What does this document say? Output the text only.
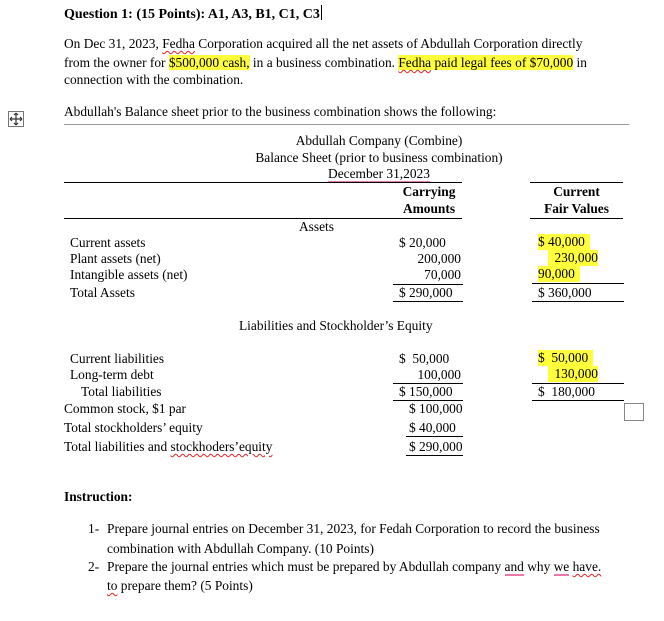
Question 1: (15 Points): A1, A3, B1, C1, C3
On Dec 31, 2023, Fedha Corporation acquired all the net assets of Abdullah Corporation directly
from the owner for $500,000 cash, in a business combination. Fedha paid legal fees of $70,000 in
connection with the combination.
Abdullah's Balance sheet prior to the business combination shows the following:
Abdullah Company (Combine)
Balance Sheet (prior to business combination)
December 31,2023
Carrying
Amounts
Current
Fair Values
Assets
Current assets
Plant assets (net)
Intangible assets (net)
Total Assets
$ 20,000
200,000
70,000
$ 290,000
$ 40,000
230,000
90,000
$ 360,000
Liabilities and Stockholder’s Equity
Current liabilities
Long-term debt
Total liabilities
Common stock, $1 par
Total stockholders’ equity
Total liabilities and stockhoders’equity
$  50,000
100,000
$ 150,000
$ 100,000
$ 40,000
$ 290,000
$  50,000
130,000
$  180,000
Instruction:
1- Prepare journal entries on December 31, 2023, for Fedah Corporation to record the business
combination with Abdullah Company. (10 Points)
2- Prepare the journal entries which must be prepared by Abdullah company and why we have.
to prepare them? (5 Points)
